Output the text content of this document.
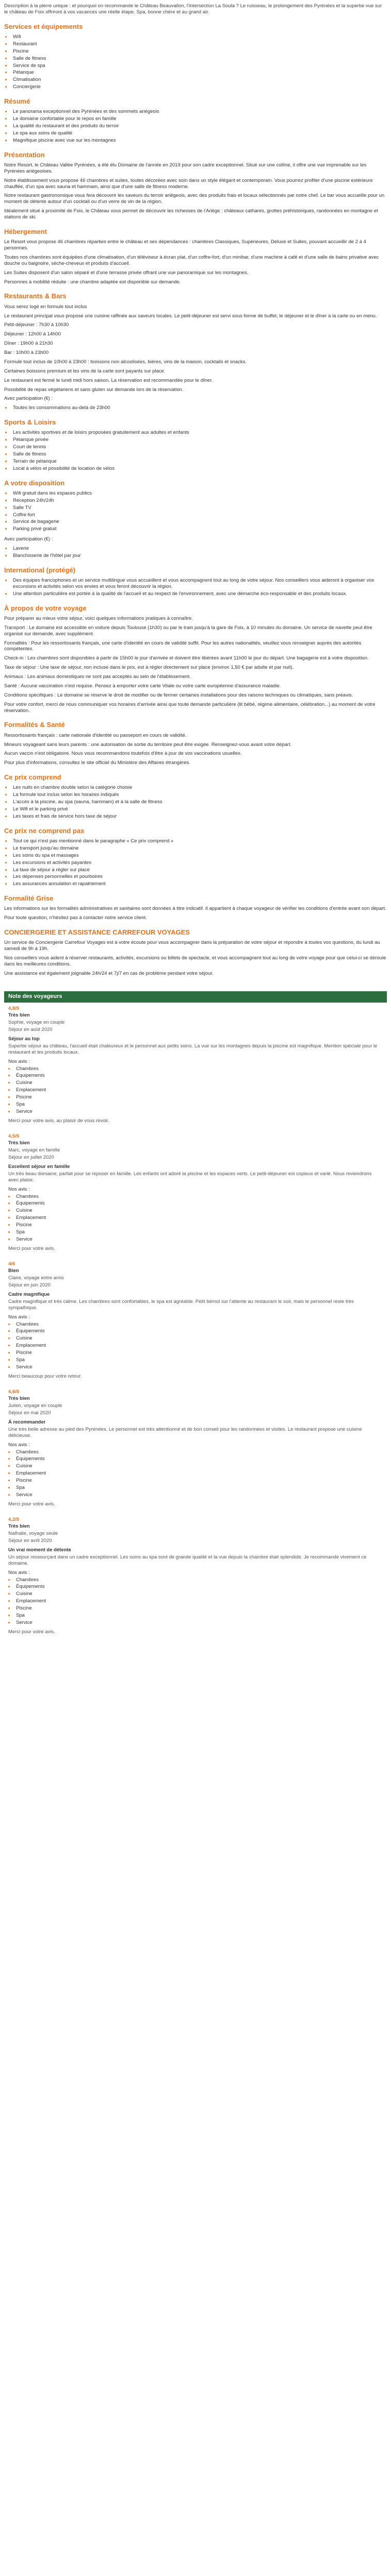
Description à la pierre unique : et pourquoi on recommande le Château Beauvallon, l'Intersection La Soula ? Le ruisseau, le prolongement des Pyrénées et la superbe vue sur le château de Foix offriront à vos vacances une réelle étape. Spa, bonne chère et au grand air.

Services et équipements
• Wifi
• Restaurant
• Piscine
• Salle de fitness
• Service de spa
• Pétanque
• Climatisation
• Conciergerie
Résumé
• Le panorama exceptionnel des Pyrénées et des sommets ariégeois
• Le domaine confortable pour le repos en famille
• La qualité du restaurant et des produits du terroir
• Le spa aux soins de qualité
• Magnifique piscine avec vue sur les montagnes
Présentation

Notre Resort, le Château Vallée Pyrénées, a été élu Domaine de l'année en 2019 pour son cadre exceptionnel. Situé sur une colline, il offre une vue imprenable sur les Pyrénées ariégeoises.

Notre établissement vous propose 46 chambres et suites, toutes décorées avec soin dans un style élégant et contemporain. Vous pourrez profiter d'une piscine extérieure chauffée, d'un spa avec sauna et hammam, ainsi que d'une salle de fitness moderne.

Notre restaurant gastronomique vous fera découvrir les saveurs du terroir ariégeois, avec des produits frais et locaux sélectionnés par notre chef. Le bar vous accueille pour un moment de détente autour d'un cocktail ou d'un verre de vin de la région.

Idéalement situé à proximité de Foix, le Château vous permet de découvrir les richesses de l'Ariège : châteaux cathares, grottes préhistoriques, randonnées en montagne et stations de ski.

Hébergement

Le Resort vous propose 46 chambres réparties entre le château et ses dépendances : chambres Classiques, Supérieures, Deluxe et Suites, pouvant accueillir de 2 à 4 personnes.

Toutes nos chambres sont équipées d'une climatisation, d'un téléviseur à écran plat, d'un coffre-fort, d'un minibar, d'une machine à café et d'une salle de bains privative avec douche ou baignoire, sèche-cheveux et produits d'accueil.

Les Suites disposent d'un salon séparé et d'une terrasse privée offrant une vue panoramique sur les montagnes.

Personnes à mobilité réduite : une chambre adaptée est disponible sur demande.

Restaurants & Bars

Vous serez logé en formule tout inclus

Le restaurant principal vous propose une cuisine raffinée aux saveurs locales. Le petit-déjeuner est servi sous forme de buffet, le déjeuner et le dîner à la carte ou en menu.

Petit-déjeuner : 7h30 à 10h30

Déjeuner : 12h00 à 14h00

Dîner : 19h00 à 21h30

Bar : 10h00 à 23h00

Formule tout inclus de 10h00 à 23h00 : boissons non alcoolisées, bières, vins de la maison, cocktails et snacks.

Certaines boissons premium et les vins de la carte sont payants sur place.

Le restaurant est fermé le lundi midi hors saison. La réservation est recommandée pour le dîner.

Possibilité de repas végétariens et sans gluten sur demande lors de la réservation.

Avec participation (€) :

• Toutes les consommations au-delà de 23h00
Sports & Loisirs
• Les activités sportives et de loisirs proposées gratuitement aux adultes et enfants
• Pétanque privée
• Court de tennis
• Salle de fitness
• Terrain de pétanque
• Local à vélos et possibilité de location de vélos
A votre disposition
• Wifi gratuit dans les espaces publics
• Réception 24h/24h
• Salle TV
• Coffre-fort
• Service de bagagerie
• Parking privé gratuit

Avec participation (€) :

• Laverie
• Blanchisserie de l'hôtel par jour
International (protégé)
• Des équipes francophones et un service multilingue vous accueillent et vous accompagnent tout au long de votre séjour. Nos conseillers vous aideront à organiser vos excursions et activités selon vos envies et vous feront découvrir la région.
• Une attention particulière est portée à la qualité de l'accueil et au respect de l'environnement, avec une démarche éco-responsable et des produits locaux.
À propos de votre voyage

Pour préparer au mieux votre séjour, voici quelques informations pratiques à connaître.

Transport : Le domaine est accessible en voiture depuis Toulouse (1h30) ou par le train jusqu'à la gare de Foix, à 10 minutes du domaine. Un service de navette peut être organisé sur demande, avec supplément.

Formalités : Pour les ressortissants français, une carte d'identité en cours de validité suffit. Pour les autres nationalités, veuillez vous renseigner auprès des autorités compétentes.

Check-in : Les chambres sont disponibles à partir de 15h00 le jour d'arrivée et doivent être libérées avant 11h00 le jour du départ. Une bagagerie est à votre disposition.

Taxe de séjour : Une taxe de séjour, non incluse dans le prix, est à régler directement sur place (environ 1,50 € par adulte et par nuit).

Animaux : Les animaux domestiques ne sont pas acceptés au sein de l'établissement.

Santé : Aucune vaccination n'est requise. Pensez à emporter votre carte Vitale ou votre carte européenne d'assurance maladie.

Conditions spécifiques : Le domaine se réserve le droit de modifier ou de fermer certaines installations pour des raisons techniques ou climatiques, sans préavis.

Pour votre confort, merci de nous communiquer vos horaires d'arrivée ainsi que toute demande particulière (lit bébé, régime alimentaire, célébration...) au moment de votre réservation.

Formalités & Santé

Ressortissants français : carte nationale d'identité ou passeport en cours de validité.

Mineurs voyageant sans leurs parents : une autorisation de sortie du territoire peut être exigée. Renseignez-vous avant votre départ.

Aucun vaccin n'est obligatoire. Nous vous recommandons toutefois d'être à jour de vos vaccinations usuelles.

Pour plus d'informations, consultez le site officiel du Ministère des Affaires étrangères.

Ce prix comprend
• Les nuits en chambre double selon la catégorie choisie
• La formule tout inclus selon les horaires indiqués
• L'accès à la piscine, au spa (sauna, hammam) et à la salle de fitness
• Le Wifi et le parking privé
• Les taxes et frais de service hors taxe de séjour
Ce prix ne comprend pas
• Tout ce qui n'est pas mentionné dans le paragraphe « Ce prix comprend »
• Le transport jusqu'au domaine
• Les soins du spa et massages
• Les excursions et activités payantes
• La taxe de séjour à régler sur place
• Les dépenses personnelles et pourboires
• Les assurances annulation et rapatriement
Formalité Grise

Les informations sur les formalités administratives et sanitaires sont données à titre indicatif. Il appartient à chaque voyageur de vérifier les conditions d'entrée avant son départ.

Pour toute question, n'hésitez pas à contacter notre service client.

CONCIERGERIE ET ASSISTANCE CARREFOUR VOYAGES

Un service de Conciergerie Carrefour Voyages est à votre écoute pour vous accompagner dans la préparation de votre séjour et répondre à toutes vos questions, du lundi au samedi de 9h à 19h.

Nos conseillers vous aident à réserver restaurants, activités, excursions ou billets de spectacle, et vous accompagnent tout au long de votre voyage pour que celui-ci se déroule dans les meilleures conditions.

Une assistance est également joignable 24h/24 et 7j/7 en cas de problème pendant votre séjour.

Note des voyageurs

4,8/5

Très bien

Sophie, voyage en couple

Séjour en août 2020

Séjour au top

Superbe séjour au château, l'accueil était chaleureux et le personnel aux petits soins. La vue sur les montagnes depuis la piscine est magnifique. Mention spéciale pour le restaurant et les produits locaux.

Nos avis :

• Chambres
• Équipements
• Cuisine
• Emplacement
• Piscine
• Spa
• Service

Merci pour votre avis, au plaisir de vous revoir.

4,5/5

Très bien

Marc, voyage en famille

Séjour en juillet 2020

Excellent séjour en famille

Un très beau domaine, parfait pour se reposer en famille. Les enfants ont adoré la piscine et les espaces verts. Le petit-déjeuner est copieux et varié. Nous reviendrons avec plaisir.

Nos avis :

• Chambres
• Équipements
• Cuisine
• Emplacement
• Piscine
• Spa
• Service

Merci pour votre avis.

4/5

Bien

Claire, voyage entre amis

Séjour en juin 2020

Cadre magnifique

Cadre magnifique et très calme. Les chambres sont confortables, le spa est agréable. Petit bémol sur l'attente au restaurant le soir, mais le personnel reste très sympathique.

Nos avis :

• Chambres
• Équipements
• Cuisine
• Emplacement
• Piscine
• Spa
• Service

Merci beaucoup pour votre retour.

4,6/5

Très bien

Julien, voyage en couple

Séjour en mai 2020

À recommander

Une très belle adresse au pied des Pyrénées. Le personnel est très attentionné et de bon conseil pour les randonnées et visites. Le restaurant propose une cuisine délicieuse.

Nos avis :

• Chambres
• Équipements
• Cuisine
• Emplacement
• Piscine
• Spa
• Service

Merci pour votre avis.

4,2/5

Très bien

Nathalie, voyage seule

Séjour en avril 2020

Un vrai moment de détente

Un séjour ressourçant dans un cadre exceptionnel. Les soins au spa sont de grande qualité et la vue depuis la chambre était splendide. Je recommande vivement ce domaine.

Nos avis :

• Chambres
• Équipements
• Cuisine
• Emplacement
• Piscine
• Spa
• Service

Merci pour votre avis.
